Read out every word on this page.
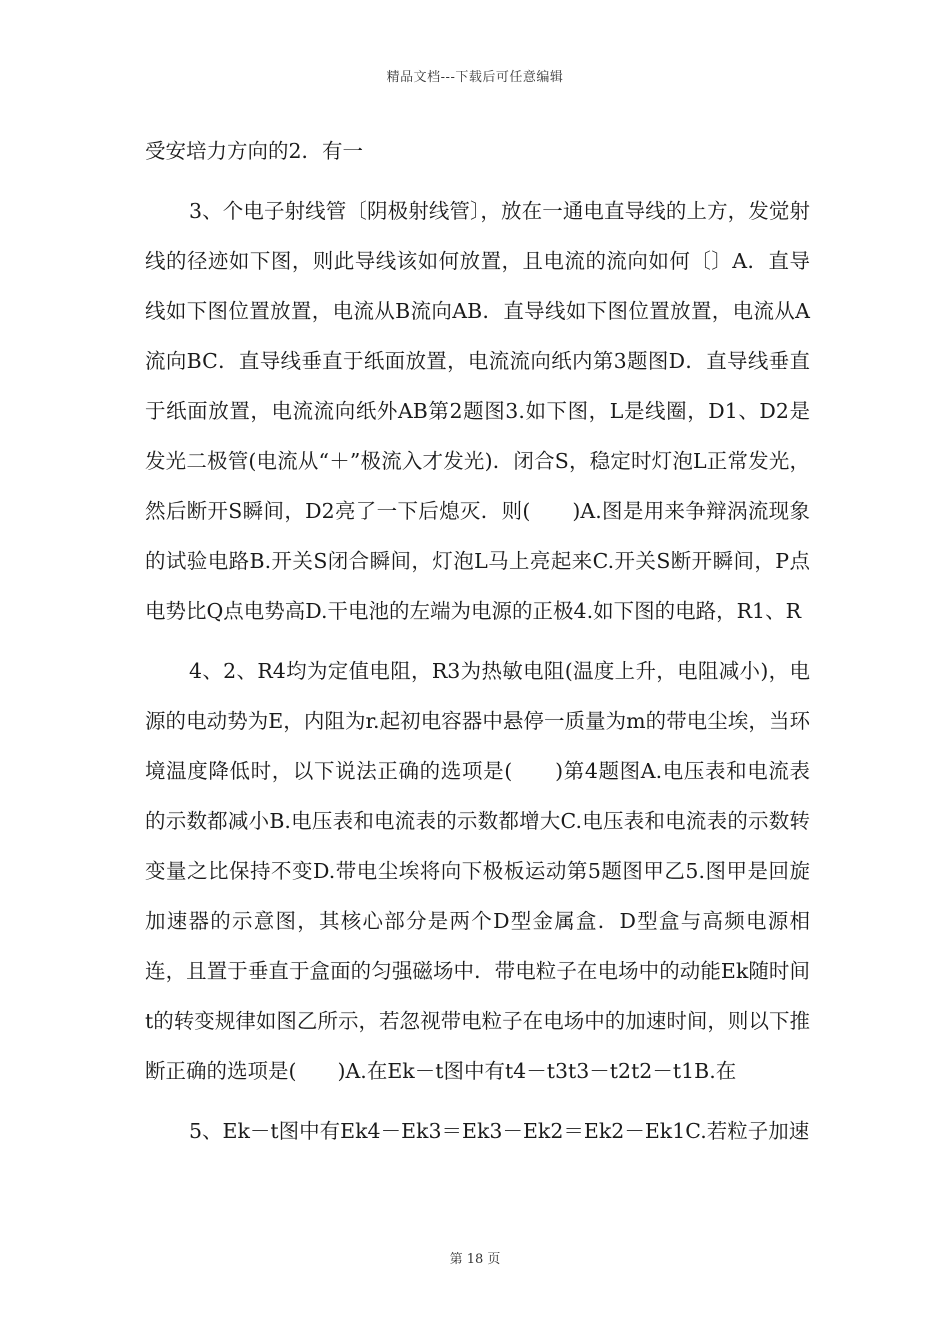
精品文档---下载后可任意编辑

受安培力方向的2．有一

3、个电子射线管〔阴极射线管〕，放在一通电直导线的上方，发觉射线的径迹如下图，则此导线该如何放置，且电流的流向如何〔〕A．直导线如下图位置放置，电流从B流向AB．直导线如下图位置放置，电流从A流向BC．直导线垂直于纸面放置，电流流向纸内第3题图D．直导线垂直于纸面放置，电流流向纸外AB第2题图3.如下图，L是线圈，D1、D2是发光二极管(电流从“＋”极流入才发光)．闭合S，稳定时灯泡L正常发光，然后断开S瞬间，D2亮了一下后熄灭．则(　　)A.图是用来争辩涡流现象的试验电路B.开关S闭合瞬间，灯泡L马上亮起来C.开关S断开瞬间，P点电势比Q点电势高D.干电池的左端为电源的正极4.如下图的电路，R1、R

4、2、R4均为定值电阻，R3为热敏电阻(温度上升，电阻减小)，电源的电动势为E，内阻为r.起初电容器中悬停一质量为m的带电尘埃，当环境温度降低时，以下说法正确的选项是(　　)第4题图A.电压表和电流表的示数都减小B.电压表和电流表的示数都增大C.电压表和电流表的示数转变量之比保持不变D.带电尘埃将向下极板运动第5题图甲乙5.图甲是回旋加速器的示意图，其核心部分是两个D型金属盒．D型盒与高频电源相连，且置于垂直于盒面的匀强磁场中．带电粒子在电场中的动能Ek随时间t的转变规律如图乙所示，若忽视带电粒子在电场中的加速时间，则以下推断正确的选项是(　　)A.在Ek－t图中有t4－t3t3－t2t2－t1B.在

5、Ek－t图中有Ek4－Ek3＝Ek3－Ek2＝Ek2－Ek1C.若粒子加速

第 18 页
